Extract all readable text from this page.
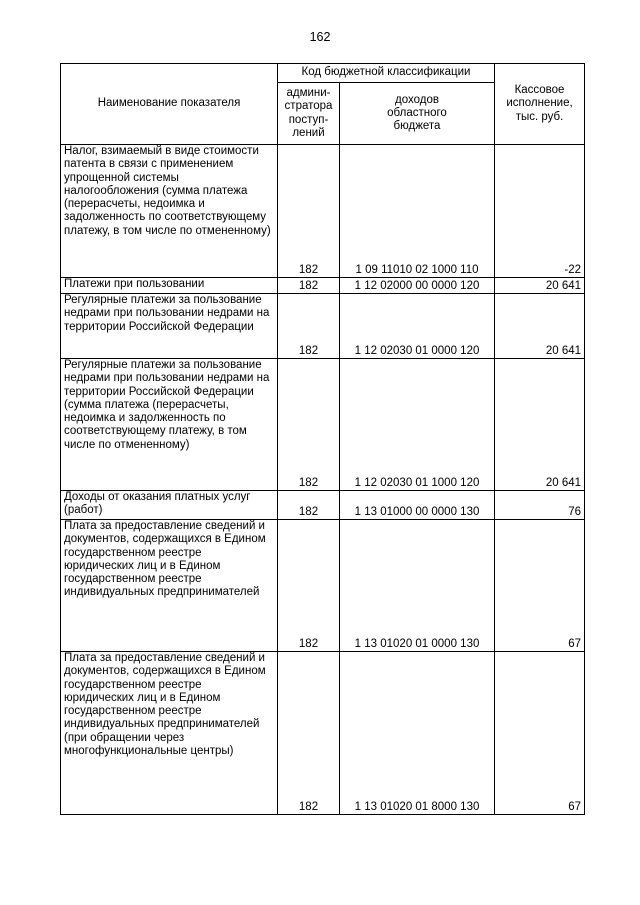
162
Наименование показателя	Код бюджетной классификации		Кассовое
исполнение,
тыс. руб.

	админи-
стратора
поступ-
лений	доходов
областного
бюджета	

Налог, взимаемый в виде стоимости патента в связи с применением упрощенной системы налогообложения (сумма платежа (перерасчеты, недоимка и задолженность по соответствующему платежу, в том числе по отмененному)	182	1 09 11010 02 1000 110	-22

Платежи при пользовании	182	1 12 02000 00 0000 120	20 641

Регулярные платежи за пользование недрами при пользовании недрами на территории Российской Федерации	182	1 12 02030 01 0000 120	20 641

Регулярные платежи за пользование недрами при пользовании недрами на территории Российской Федерации (сумма платежа (перерасчеты, недоимка и задолженность по соответствующему платежу, в том числе по отмененному)	182	1 12 02030 01 1000 120	20 641

Доходы от оказания платных услуг (работ)	182	1 13 01000 00 0000 130	76

Плата за предоставление сведений и документов, содержащихся в Едином государственном реестре юридических лиц и в Едином государственном реестре индивидуальных предпринимателей	182	1 13 01020 01 0000 130	67

Плата за предоставление сведений и документов, содержащихся в Едином государственном реестре юридических лиц и в Едином государственном реестре индивидуальных предпринимателей (при обращении через многофункциональные центры)	182	1 13 01020 01 8000 130	67
